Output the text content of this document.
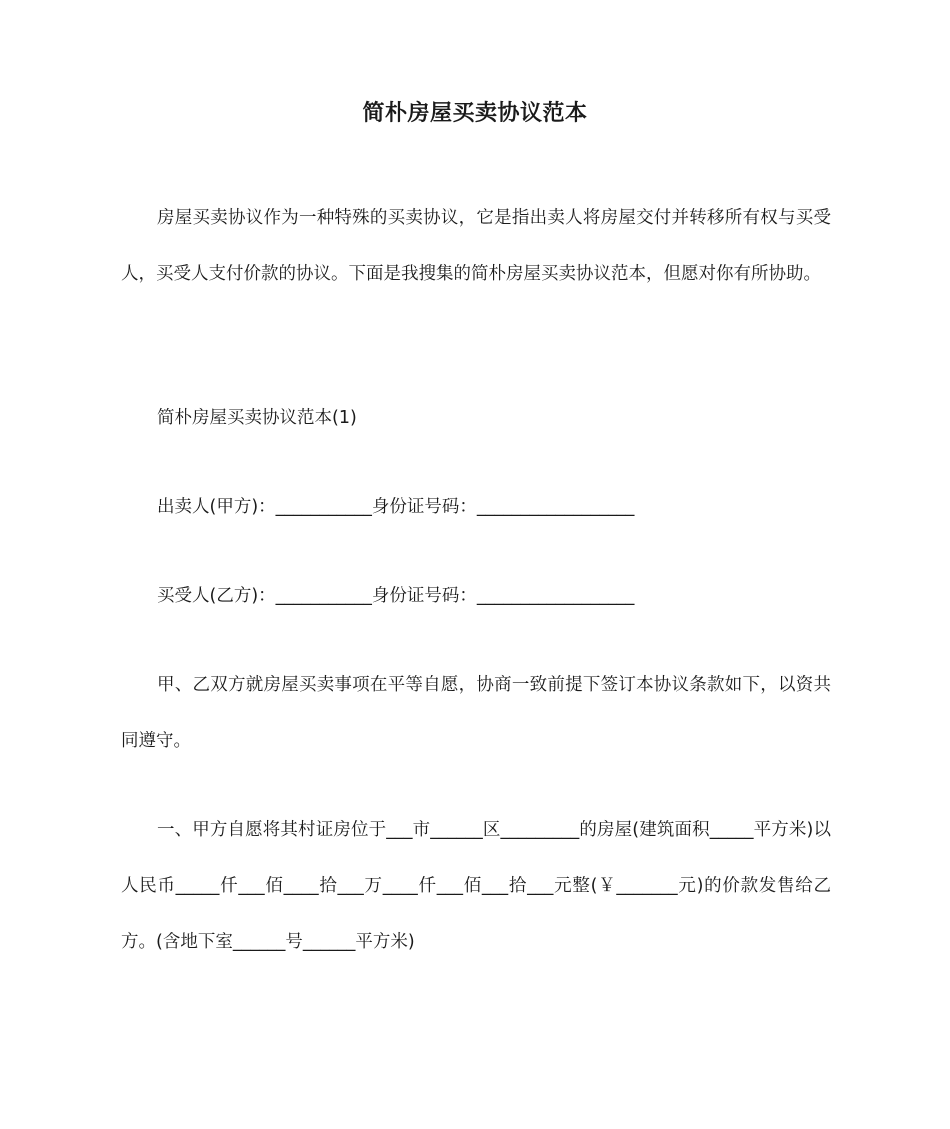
简朴房屋买卖协议范本
房屋买卖协议作为一种特殊的买卖协议，它是指出卖人将房屋交付并转移所有权与买受人，买受人支付价款的协议。下面是我搜集的简朴房屋买卖协议范本，但愿对你有所协助。
简朴房屋买卖协议范本(1)
出卖人(甲方)：___________身份证号码：__________________
买受人(乙方)：___________身份证号码：__________________
甲、乙双方就房屋买卖事项在平等自愿，协商一致前提下签订本协议条款如下，以资共同遵守。
一、甲方自愿将其村证房位于___市______区_________的房屋(建筑面积_____平方米)以人民币_____仟___佰____拾___万____仟___佰___拾___元整(￥_______元)的价款发售给乙方。(含地下室______号______平方米)
